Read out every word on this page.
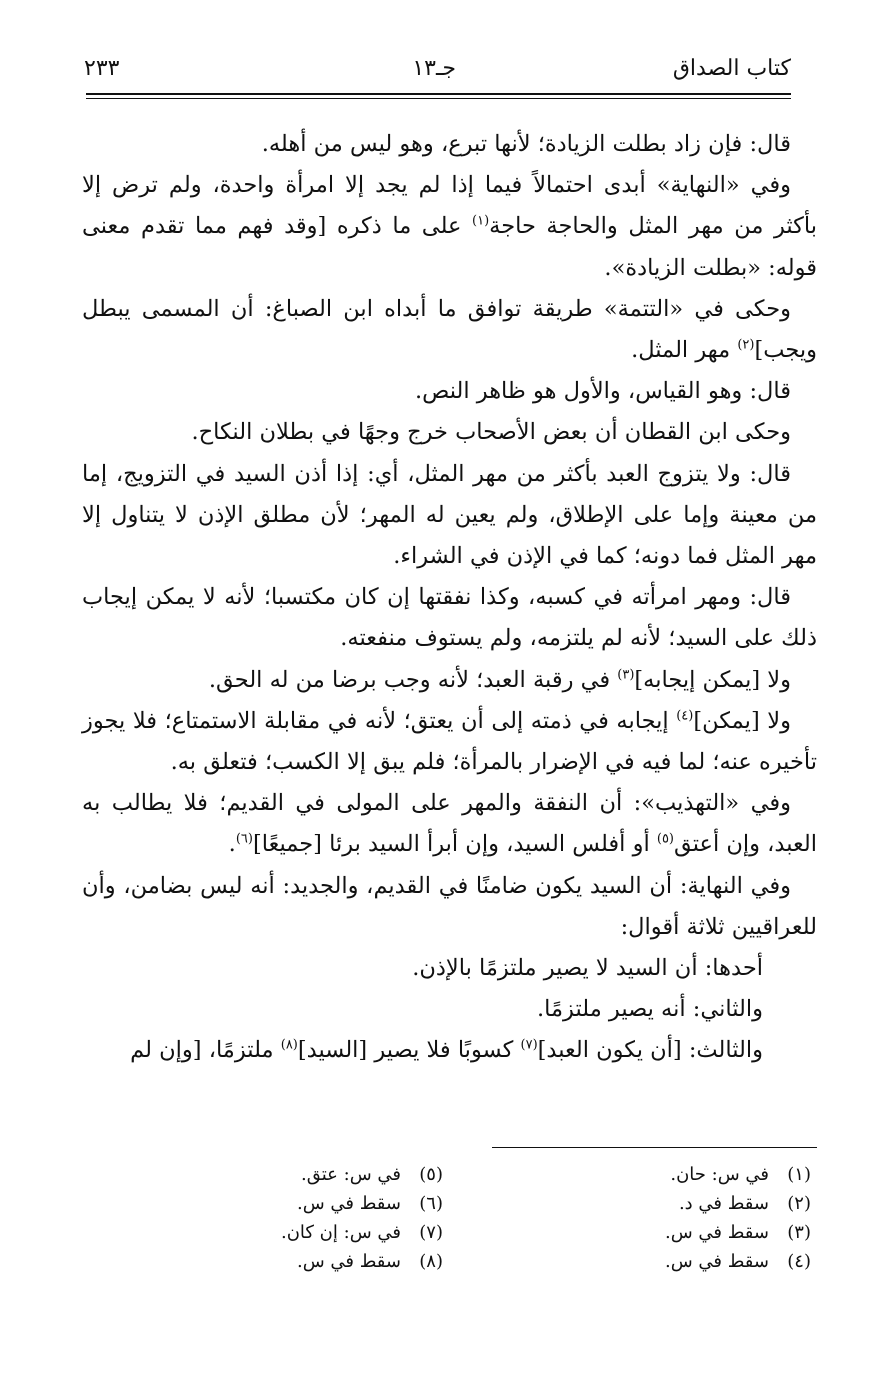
كتاب الصداق
جـ١٣
٢٣٣

قال: فإن زاد بطلت الزيادة؛ لأنها تبرع، وهو ليس من أهله.

وفي «النهاية» أبدى احتمالاً فيما إذا لم يجد إلا امرأة واحدة، ولم ترض إلا بأكثر من مهر المثل والحاجة حاجة$^{(١)}$ على ما ذكره [وقد فهم مما تقدم معنى قوله: «بطلت الزيادة».

وحكى في «التتمة» طريقة توافق ما أبداه ابن الصباغ: أن المسمى يبطل ويجب]$^{(٢)}$ مهر المثل.

قال: وهو القياس، والأول هو ظاهر النص.

وحكى ابن القطان أن بعض الأصحاب خرج وجهًا في بطلان النكاح.

قال: ولا يتزوج العبد بأكثر من مهر المثل، أي: إذا أذن السيد في التزويج، إما من معينة وإما على الإطلاق، ولم يعين له المهر؛ لأن مطلق الإذن لا يتناول إلا مهر المثل فما دونه؛ كما في الإذن في الشراء.

قال: ومهر امرأته في كسبه، وكذا نفقتها إن كان مكتسبا؛ لأنه لا يمكن إيجاب ذلك على السيد؛ لأنه لم يلتزمه، ولم يستوف منفعته.

ولا [يمكن إيجابه]$^{(٣)}$ في رقبة العبد؛ لأنه وجب برضا من له الحق.

ولا [يمكن]$^{(٤)}$ إيجابه في ذمته إلى أن يعتق؛ لأنه في مقابلة الاستمتاع؛ فلا يجوز تأخيره عنه؛ لما فيه في الإضرار بالمرأة؛ فلم يبق إلا الكسب؛ فتعلق به.

وفي «التهذيب»: أن النفقة والمهر على المولى في القديم؛ فلا يطالب به العبد، وإن أعتق$^{(٥)}$ أو أفلس السيد، وإن أبرأ السيد برئا [جميعًا]$^{(٦)}$.

وفي النهاية: أن السيد يكون ضامنًا في القديم، والجديد: أنه ليس بضامن، وأن للعراقيين ثلاثة أقوال:

أحدها: أن السيد لا يصير ملتزمًا بالإذن.

والثاني: أنه يصير ملتزمًا.

والثالث: [أن يكون العبد]$^{(٧)}$ كسوبًا فلا يصير [السيد]$^{(٨)}$ ملتزمًا، [وإن لم

(١)في س: حان.
(٢)سقط في د.
(٣)سقط في س.
(٤)سقط في س.
(٥)في س: عتق.
(٦)سقط في س.
(٧)في س: إن كان.
(٨)سقط في س.
